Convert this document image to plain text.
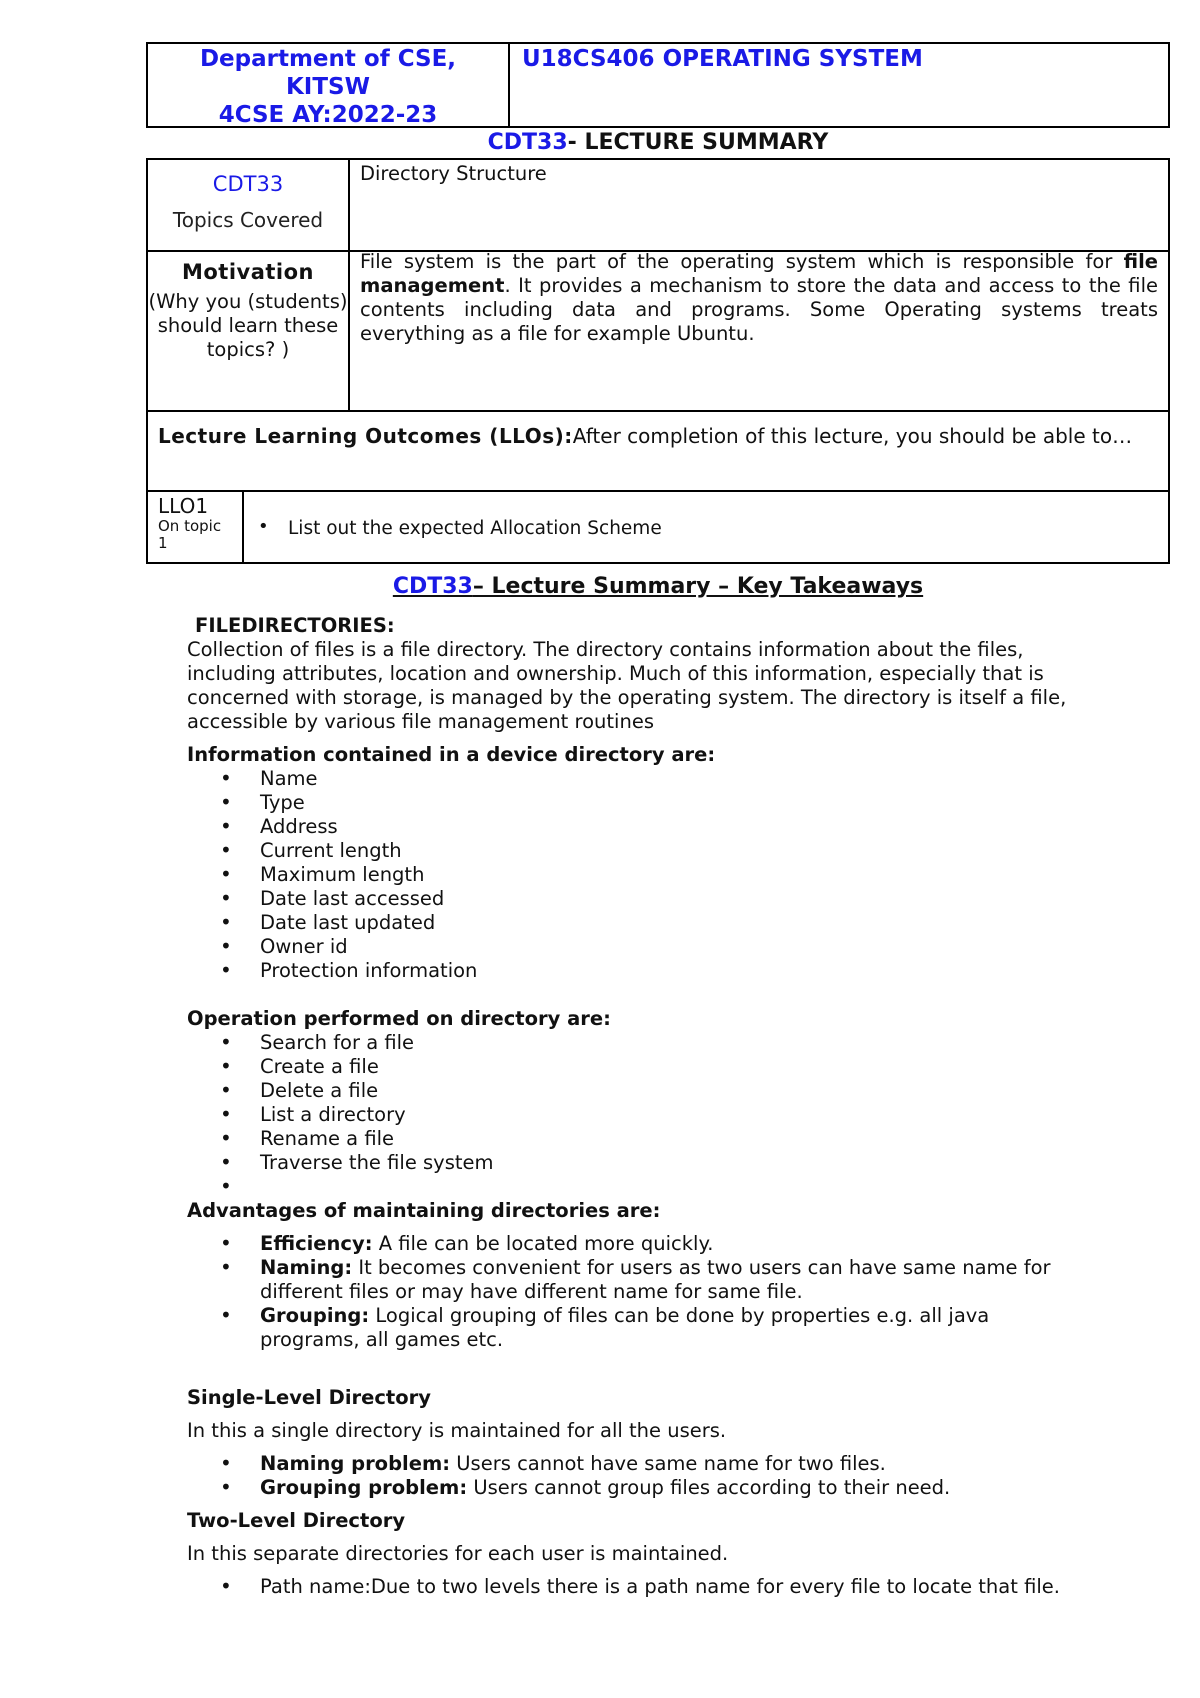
Department of CSE,
KITSW
4CSE AY:2022-23
U18CS406 OPERATING SYSTEM
CDT33- LECTURE SUMMARY
CDT33
Topics Covered
Directory Structure
Motivation
(Why you (students) should learn these topics? )
File system is the part of the operating system which is responsible for file management. It provides a mechanism to store the data and access to the file contents including data and programs. Some Operating systems treats everything as a file for example Ubuntu.
Lecture Learning Outcomes (LLOs):After completion of this lecture, you should be able to…
LLO1
On topic 1
• List out the expected Allocation Scheme
CDT33– Lecture Summary – Key Takeaways
FILEDIRECTORIES:
Collection of files is a file directory. The directory contains information about the files, including attributes, location and ownership. Much of this information, especially that is concerned with storage, is managed by the operating system. The directory is itself a file, accessible by various file management routines
Information contained in a device directory are:
• Name
• Type
• Address
• Current length
• Maximum length
• Date last accessed
• Date last updated
• Owner id
• Protection information
Operation performed on directory are:
• Search for a file
• Create a file
• Delete a file
• List a directory
• Rename a file
• Traverse the file system
•
Advantages of maintaining directories are:
• Efficiency: A file can be located more quickly.
• Naming: It becomes convenient for users as two users can have same name for different files or may have different name for same file.
• Grouping: Logical grouping of files can be done by properties e.g. all java programs, all games etc.
Single-Level Directory
In this a single directory is maintained for all the users.
• Naming problem: Users cannot have same name for two files.
• Grouping problem: Users cannot group files according to their need.
Two-Level Directory
In this separate directories for each user is maintained.
• Path name:Due to two levels there is a path name for every file to locate that file.
